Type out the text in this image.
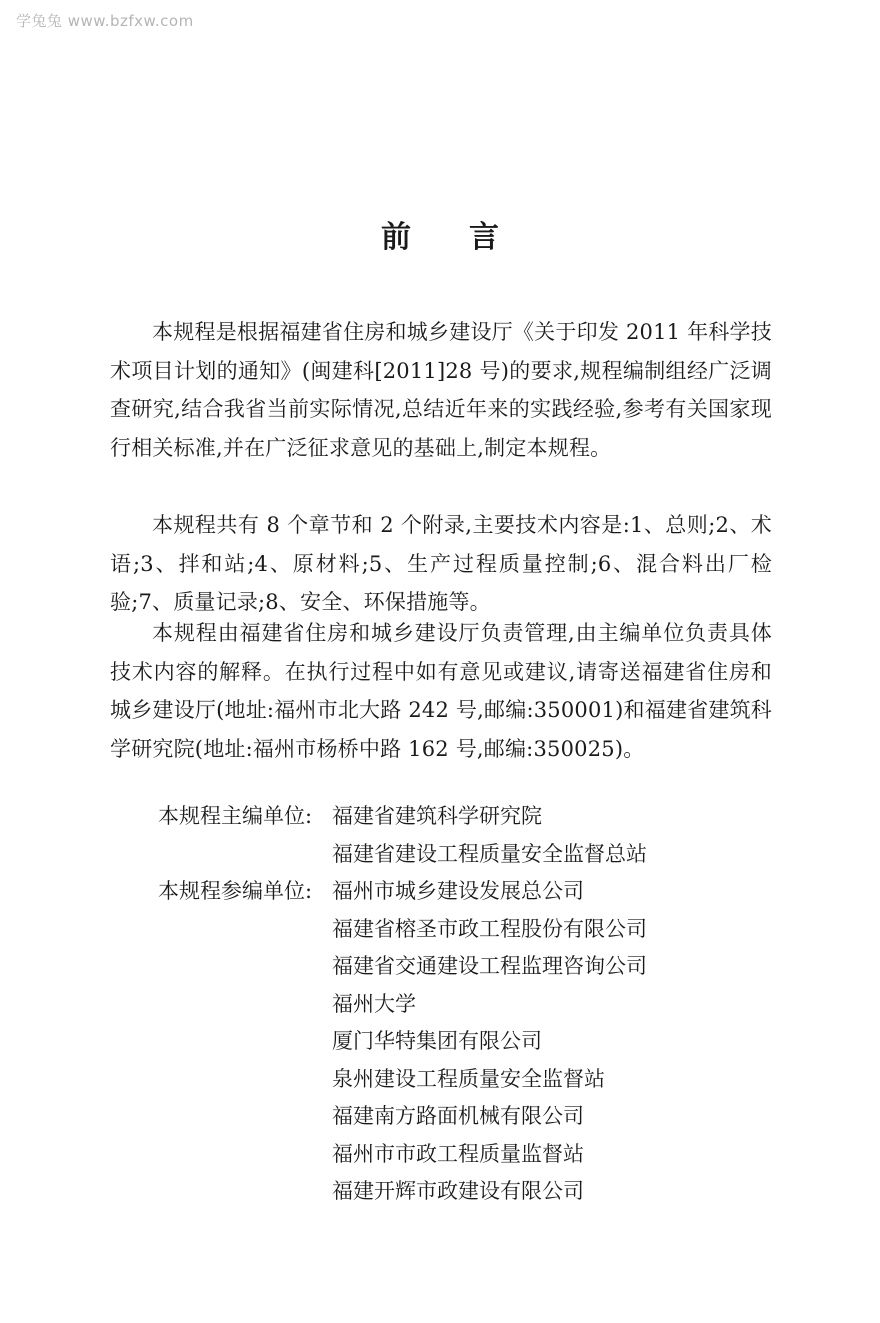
学兔兔 www.bzfxw.com
前 言

本规程是根据福建省住房和城乡建设厅《关于印发 2011 年科学技术项目计划的通知》(闽建科[2011]28 号)的要求,规程编制组经广泛调查研究,结合我省当前实际情况,总结近年来的实践经验,参考有关国家现行相关标准,并在广泛征求意见的基础上,制定本规程。

本规程共有 8 个章节和 2 个附录,主要技术内容是:1、总则;2、术语;3、拌和站;4、原材料;5、生产过程质量控制;6、混合料出厂检验;7、质量记录;8、安全、环保措施等。

本规程由福建省住房和城乡建设厅负责管理,由主编单位负责具体技术内容的解释。在执行过程中如有意见或建议,请寄送福建省住房和城乡建设厅(地址:福州市北大路 242 号,邮编:350001)和福建省建筑科学研究院(地址:福州市杨桥中路 162 号,邮编:350025)。

本规程主编单位: 福建省建筑科学研究院
福建省建设工程质量安全监督总站
本规程参编单位: 福州市城乡建设发展总公司
福建省榕圣市政工程股份有限公司
福建省交通建设工程监理咨询公司
福州大学
厦门华特集团有限公司
泉州建设工程质量安全监督站
福建南方路面机械有限公司
福州市市政工程质量监督站
福建开辉市政建设有限公司
